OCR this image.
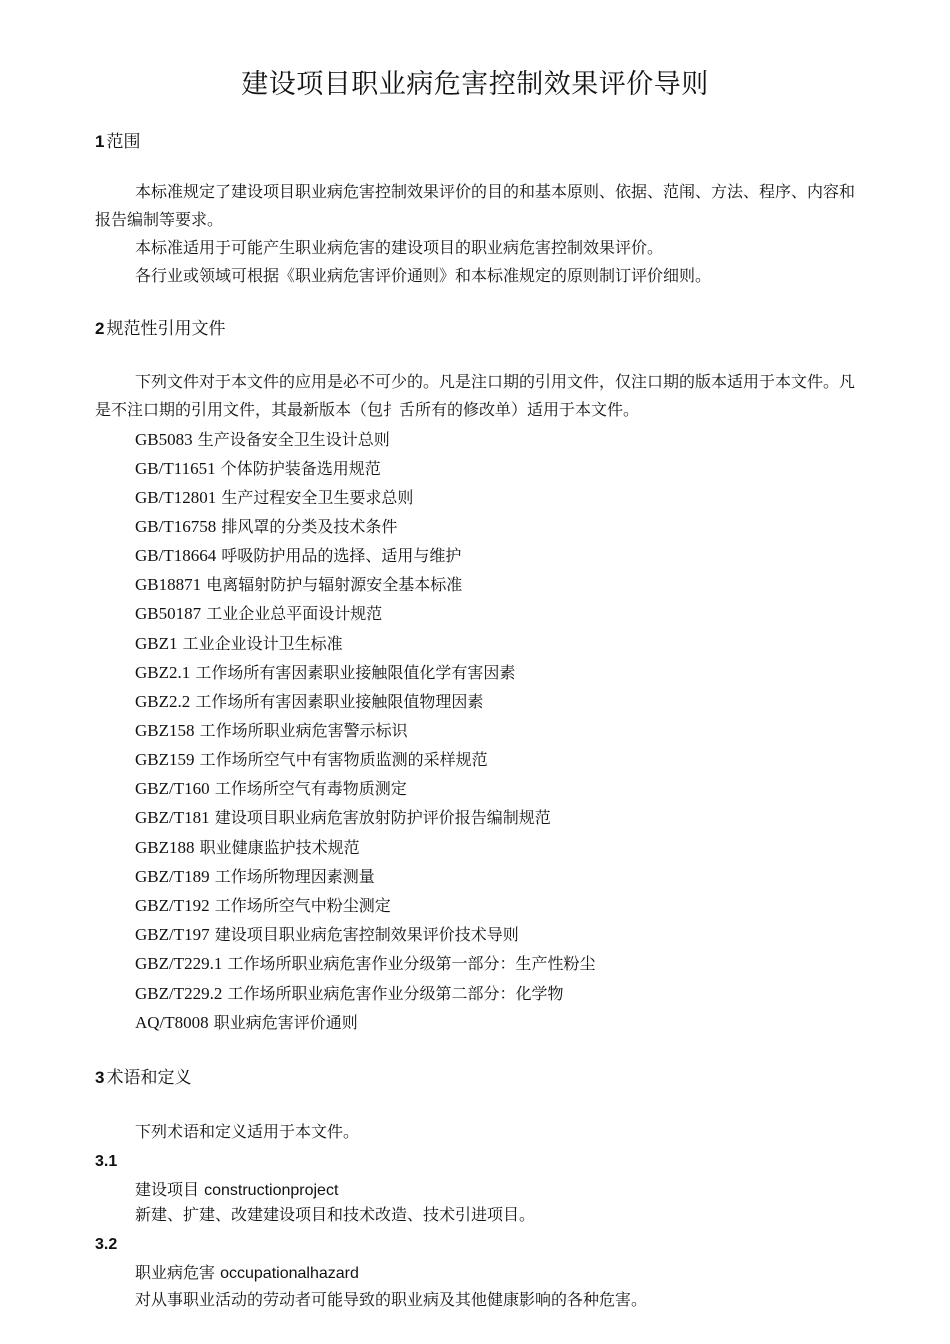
建设项目职业病危害控制效果评价导则
1 范围
本标准规定了建设项目职业病危害控制效果评价的目的和基本原则、依据、范闱、方法、程序、内容和报告编制等要求。
本标准适用于可能产生职业病危害的建设项目的职业病危害控制效果评价。
各行业或领域可根据《职业病危害评价通则》和本标准规定的原则制订评价细则。
2 规范性引用文件
下列文件对于本文件的应用是必不可少的。凡是注口期的引用文件，仅注口期的版本适用于本文件。凡是不注口期的引用文件，其最新版本（包扌舌所有的修改单）适用于本文件。
GB5083 生产设备安全卫生设计总则
GB/T11651 个体防护装备选用规范
GB/T12801 生产过程安全卫生要求总则
GB/T16758 排风罩的分类及技术条件
GB/T18664 呼吸防护用品的选择、适用与维护
GB18871 电离辐射防护与辐射源安全基本标准
GB50187 工业企业总平面设计规范
GBZ1 工业企业设计卫生标准
GBZ2.1 工作场所有害因素职业接触限值化学有害因素
GBZ2.2 工作场所有害因素职业接触限值物理因素
GBZ158 工作场所职业病危害警示标识
GBZ159 工作场所空气中有害物质监测的采样规范
GBZ/T160 工作场所空气有毒物质测定
GBZ/T181 建设项目职业病危害放射防护评价报告编制规范
GBZ188 职业健康监护技术规范
GBZ/T189 工作场所物理因素测量
GBZ/T192 工作场所空气中粉尘测定
GBZ/T197 建设项目职业病危害控制效果评价技术导则
GBZ/T229.1 工作场所职业病危害作业分级第一部分：生产性粉尘
GBZ/T229.2 工作场所职业病危害作业分级第二部分：化学物
AQ/T8008 职业病危害评价通则
3 术语和定义
下列术语和定义适用于本文件。
3.1
建设项目 constructionproject
新建、扩建、改建建设项目和技术改造、技术引进项目。
3.2
职业病危害 occupationalhazard
对从事职业活动的劳动者可能导致的职业病及其他健康影响的各种危害。
